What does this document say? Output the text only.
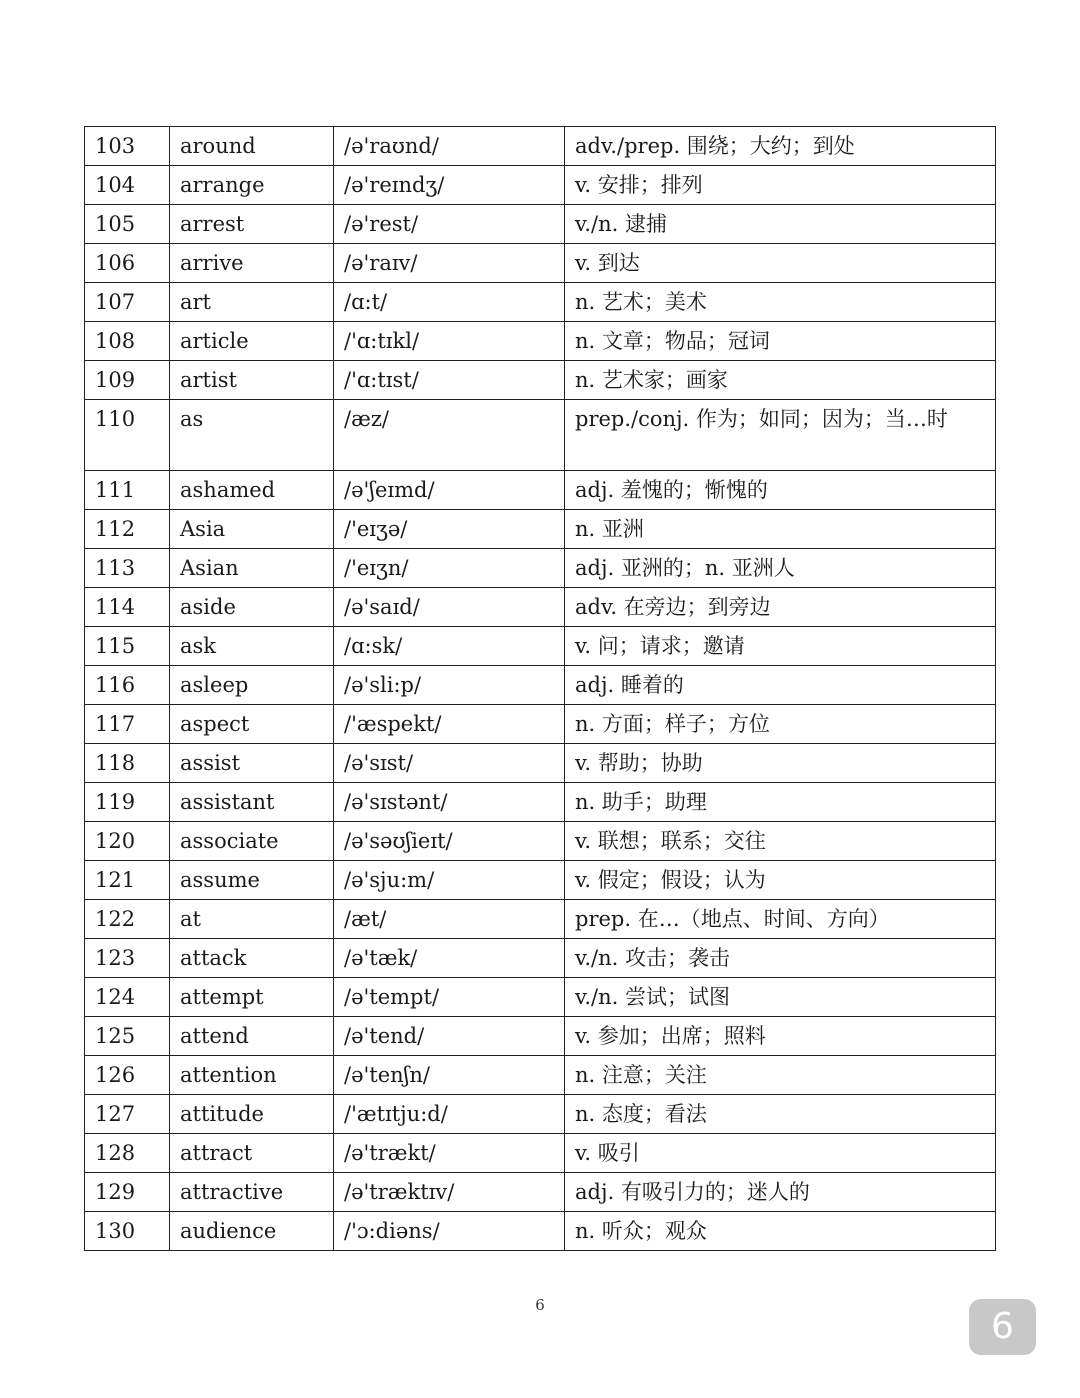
103	around	/ə'raʊnd/	adv./prep. 围绕；大约；到处
104	arrange	/ə'reɪndʒ/	v. 安排；排列
105	arrest	/ə'rest/	v./n. 逮捕
106	arrive	/ə'raɪv/	v. 到达
107	art	/ɑ:t/	n. 艺术；美术
108	article	/'ɑ:tɪkl/	n. 文章；物品；冠词
109	artist	/'ɑ:tɪst/	n. 艺术家；画家
110	as	/æz/	prep./conj. 作为；如同；因为；当…时
111	ashamed	/ə'ʃeɪmd/	adj. 羞愧的；惭愧的
112	Asia	/'eɪʒə/	n. 亚洲
113	Asian	/'eɪʒn/	adj. 亚洲的；n. 亚洲人
114	aside	/ə'saɪd/	adv. 在旁边；到旁边
115	ask	/ɑ:sk/	v. 问；请求；邀请
116	asleep	/ə'sli:p/	adj. 睡着的
117	aspect	/'æspekt/	n. 方面；样子；方位
118	assist	/ə'sɪst/	v. 帮助；协助
119	assistant	/ə'sɪstənt/	n. 助手；助理
120	associate	/ə'səʊʃieɪt/	v. 联想；联系；交往
121	assume	/ə'sju:m/	v. 假定；假设；认为
122	at	/æt/	prep. 在…（地点、时间、方向）
123	attack	/ə'tæk/	v./n. 攻击；袭击
124	attempt	/ə'tempt/	v./n. 尝试；试图
125	attend	/ə'tend/	v. 参加；出席；照料
126	attention	/ə'tenʃn/	n. 注意；关注
127	attitude	/'ætɪtju:d/	n. 态度；看法
128	attract	/ə'trækt/	v. 吸引
129	attractive	/ə'træktɪv/	adj. 有吸引力的；迷人的
130	audience	/'ɔ:diəns/	n. 听众；观众
6
6
